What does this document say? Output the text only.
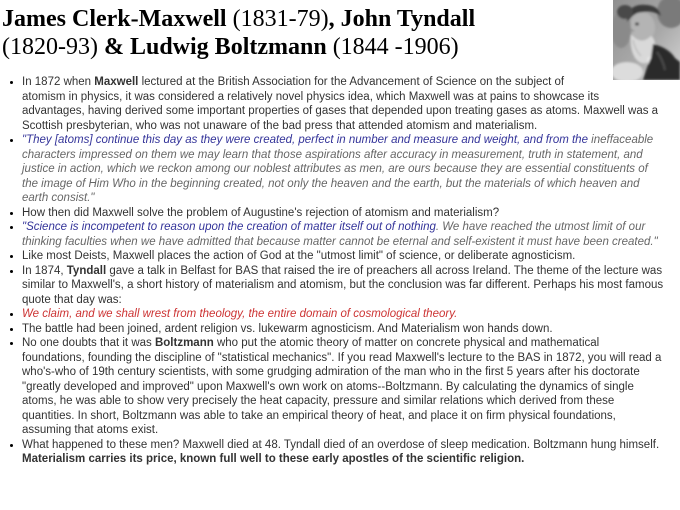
James Clerk-Maxwell (1831-79), John Tyndall
(1820-93) & Ludwig Boltzmann (1844 -1906)
• In 1872 when Maxwell lectured at the British Association for the Advancement of Science on the subject of atomism in physics, it was considered a relatively novel physics idea, which Maxwell was at pains to showcase its advantages, having derived some important properties of gases that depended upon treating gases as atoms. Maxwell was a Scottish presbyterian, who was not unaware of the bad press that attended atomism and materialism.
• "They [atoms] continue this day as they were created, perfect in number and measure and weight, and from the ineffaceable characters impressed on them we may learn that those aspirations after accuracy in measurement, truth in statement, and justice in action, which we reckon among our noblest attributes as men, are ours because they are essential constituents of the image of Him Who in the beginning created, not only the heaven and the earth, but the materials of which heaven and earth consist."
• How then did Maxwell solve the problem of Augustine's rejection of atomism and materialism?
• "Science is incompetent to reason upon the creation of matter itself out of nothing. We have reached the utmost limit of our thinking faculties when we have admitted that because matter cannot be eternal and self-existent it must have been created."
• Like most Deists, Maxwell places the action of God at the "utmost limit" of science, or deliberate agnosticism.
• In 1874, Tyndall gave a talk in Belfast for BAS that raised the ire of preachers all across Ireland. The theme of the lecture was similar to Maxwell's, a short history of materialism and atomism, but the conclusion was far different. Perhaps his most famous quote that day was:
• We claim, and we shall wrest from theology, the entire domain of cosmological theory.
• The battle had been joined, ardent religion vs. lukewarm agnosticism. And Materialism won hands down.
• No one doubts that it was Boltzmann who put the atomic theory of matter on concrete physical and mathematical foundations, founding the discipline of "statistical mechanics". If you read Maxwell's lecture to the BAS in 1872, you will read a who's-who of 19th century scientists, with some grudging admiration of the man who in the first 5 years after his doctorate "greatly developed and improved" upon Maxwell's own work on atoms--Boltzmann. By calculating the dynamics of single atoms, he was able to show very precisely the heat capacity, pressure and similar relations which derived from these quantities. In short, Boltzmann was able to take an empirical theory of heat, and place it on firm physical foundations, assuming that atoms exist.
• What happened to these men? Maxwell died at 48. Tyndall died of an overdose of sleep medication. Boltzmann hung himself. Materialism carries its price, known full well to these early apostles of the scientific religion.
